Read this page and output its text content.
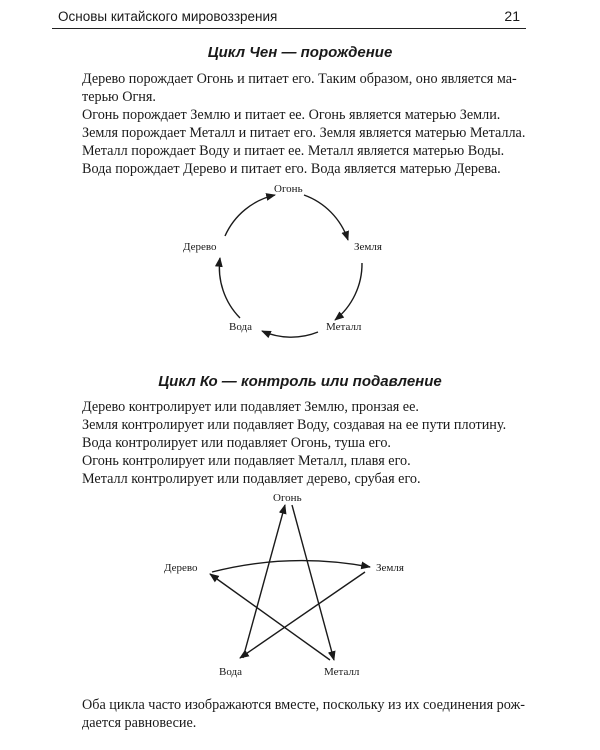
Основы китайского мировоззрения	21
Цикл Чен — порождение
Дерево порождает Огонь и питает его. Таким образом, оно является ма-
терью Огня.
Огонь порождает Землю и питает ее. Огонь является матерью Земли.
Земля порождает Металл и питает его. Земля является матерью Металла.
Металл порождает Воду и питает ее. Металл является матерью Воды.
Вода порождает Дерево и питает его. Вода является матерью Дерева.
Огонь
Земля
Металл
Вода
Дерево
Цикл Ко — контроль или подавление
Дерево контролирует или подавляет Землю, пронзая ее.
Земля контролирует или подавляет Воду, создавая на ее пути плотину.
Вода контролирует или подавляет Огонь, туша его.
Огонь контролирует или подавляет Металл, плавя его.
Металл контролирует или подавляет дерево, срубая его.
Огонь
Земля
Металл
Вода
Дерево
Оба цикла часто изображаются вместе, поскольку из их соединения рож-
дается равновесие.
